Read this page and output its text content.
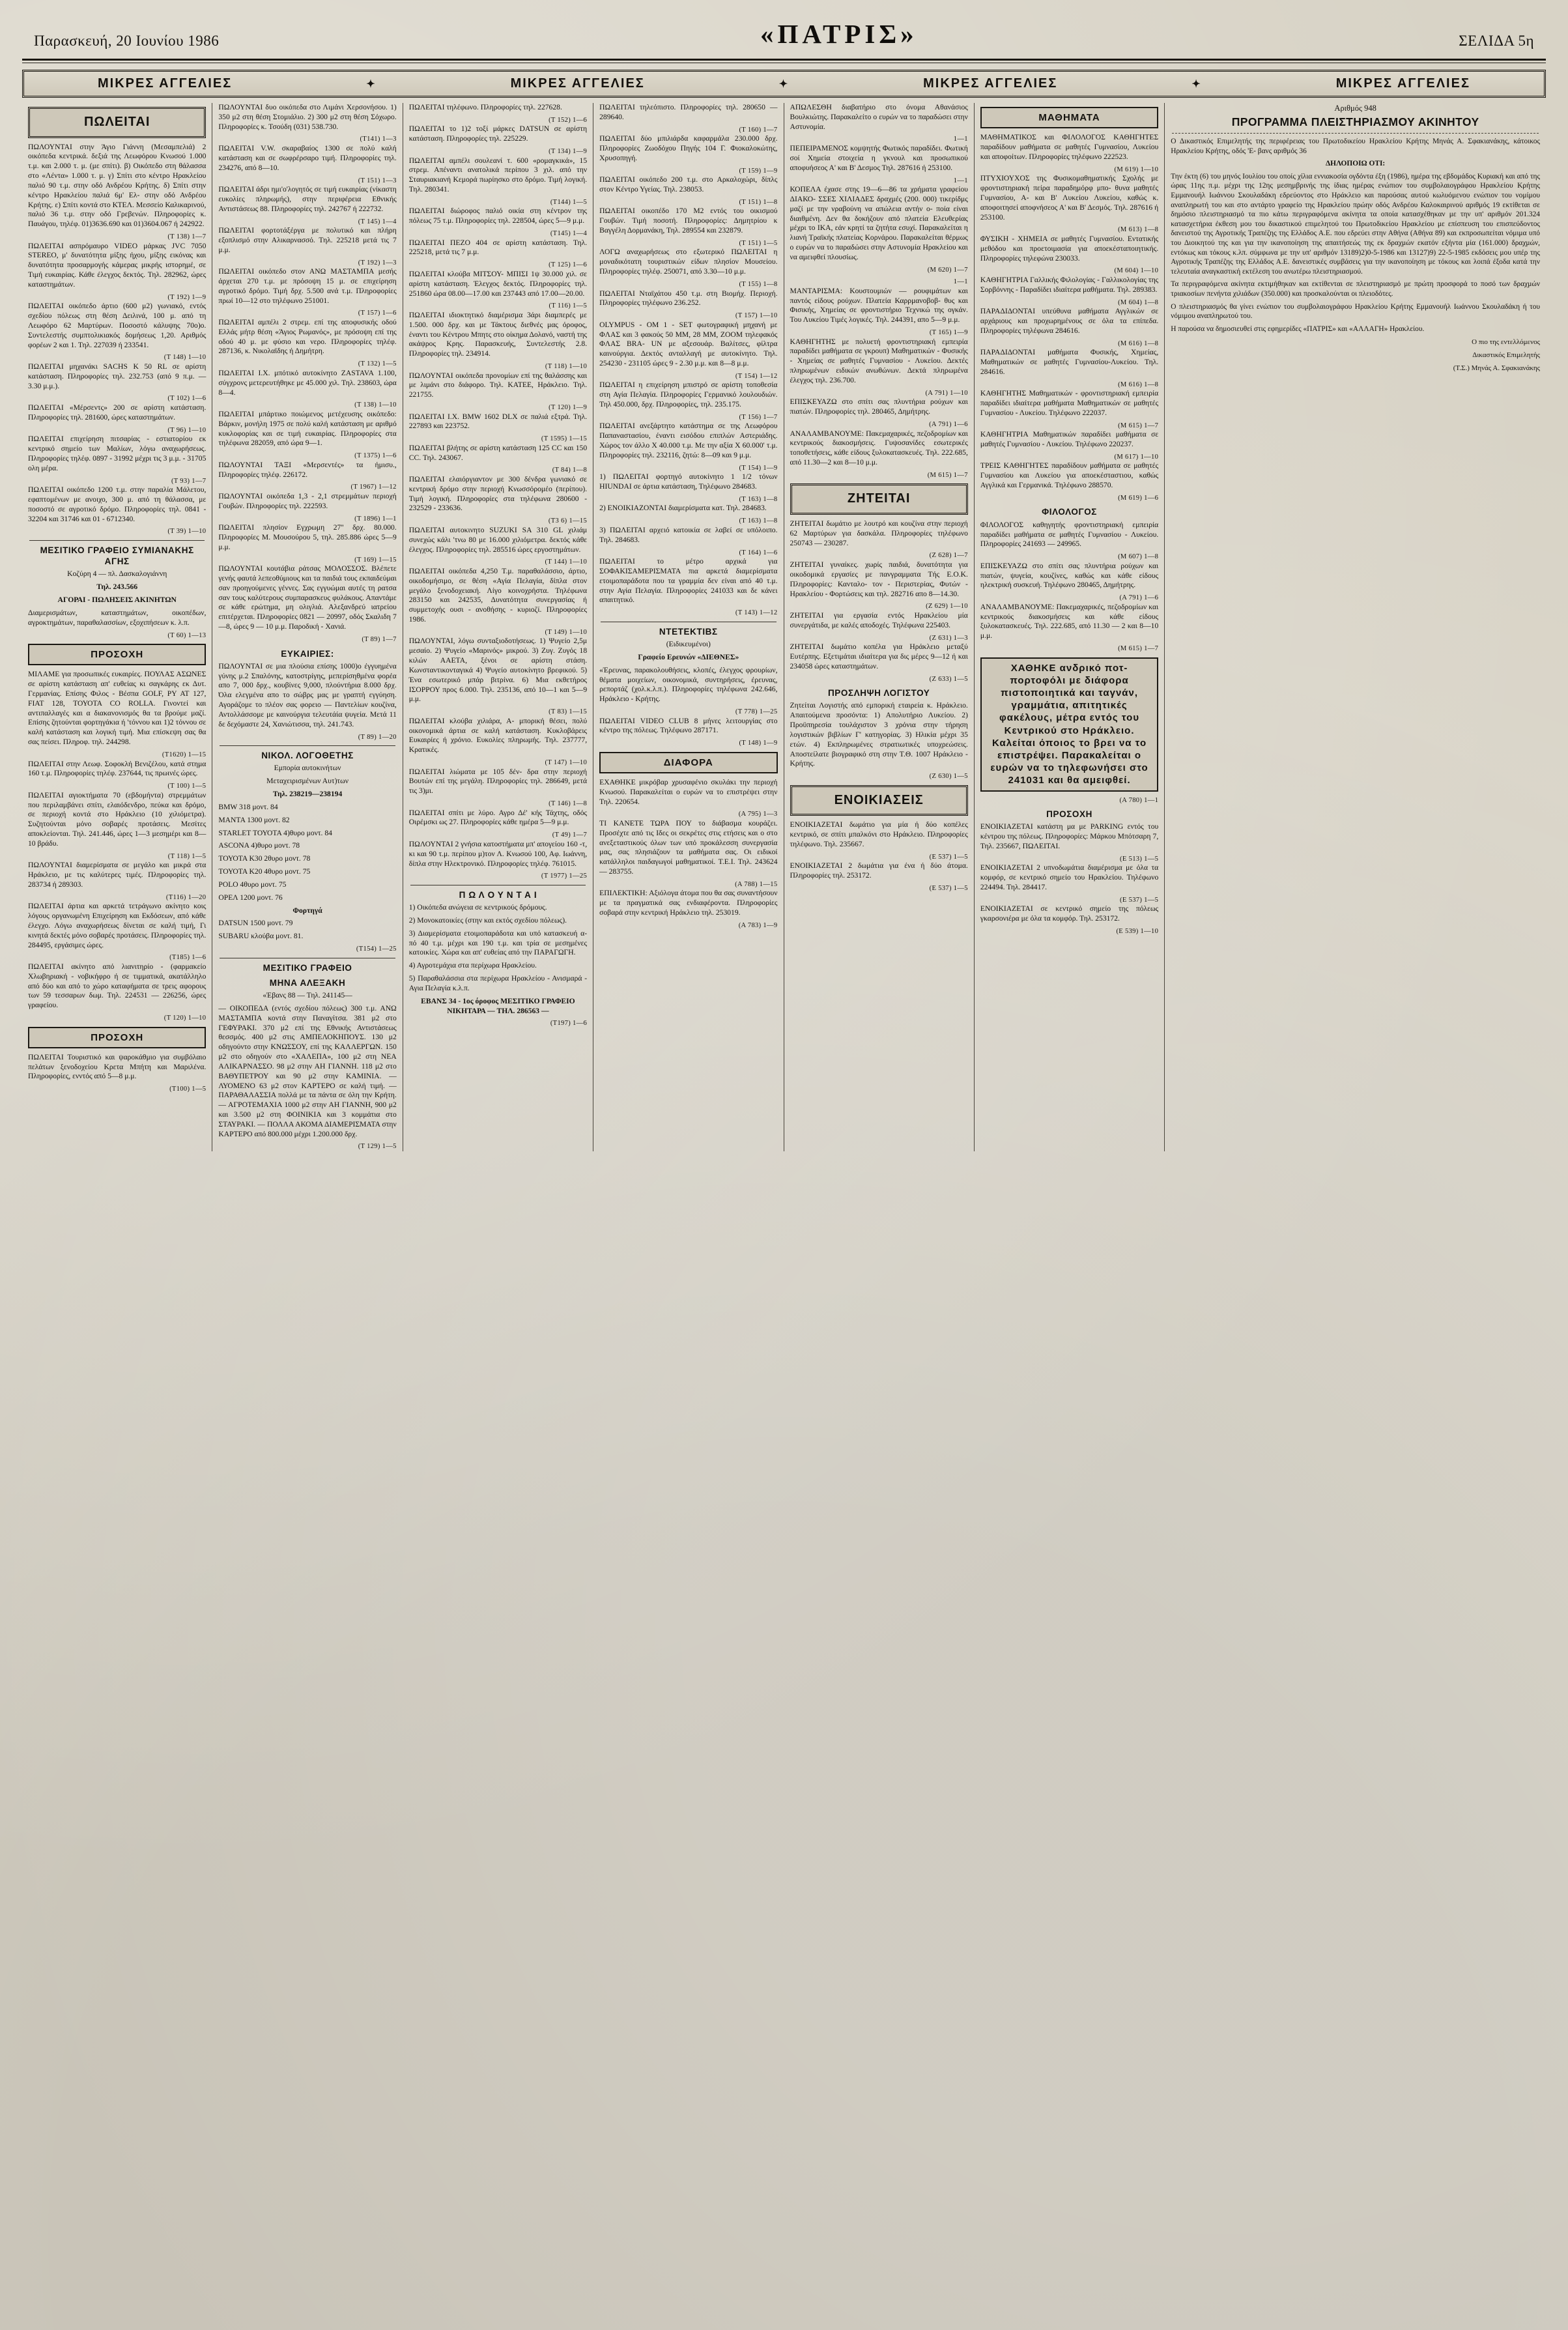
Παρασκευή, 20 Ιουνίου 1986	«ΠΑΤΡΙΣ»	ΣΕΛΙΔΑ 5η
ΜΙΚΡΕΣ ΑΓΓΕΛΙΕΣ	✦	ΜΙΚΡΕΣ ΑΓΓΕΛΙΕΣ	✦	ΜΙΚΡΕΣ ΑΓΓΕΛΙΕΣ	✦	ΜΙΚΡΕΣ ΑΓΓΕΛΙΕΣ
ΠΩΛΕΙΤΑΙ

ΠΩΛΟΥΝΤΑΙ στην Άγιο Γιάννη (Μεσαμπελιά) 2 οικόπεδα κεντρικά. δεξιά της Λεωφόρου Κνωσού 1.000 τ.μ. και 2.000 τ. μ. (με σπίτι). β) Οικόπεδο στη θάλασσα στο «Λέντα» 1.000 τ. μ. γ) Σπίτι στο κέντρο Ηρακλείου παλιό 90 τ.μ. στην οδό Ανδρέου Κρήτης. δ) Σπίτι στην κέντρο Ηρακλείου παλιά 6μ' Ελ- στην οδό Ανδρέου Κρήτης. ε) Σπίτι κοντά στο ΚΤΕΛ. Μεσσείο Καλικαρινού, παλιό 36 τ.μ. στην οδό Γρεβενών. Πληροφορίες κ. Παυάγου, τηλέφ. 01)3636.690 και 01)3604.067 ή 242922.

(Τ 138) 1—7

ΠΩΛΕΙΤΑΙ ασπρόμαυρο VIDEO μάρκας JVC 7050 STEREO, μ' δυνατότητα μίξης ήχου, μίξης εικόνας και δυνατότητα προσαρμογής κάμερας μικρής ιστορημέ, σε Τιμή ευκαιρίας. Κάθε έλεγχος δεκτός. Τηλ. 282962, ώρες καταστημάτων.

(Τ 192) 1—9

ΠΩΛΕΙΤΑΙ οικόπεδο άρτιο (600 μ2) γωνιακό, εντός σχεδίου πόλεως στη θέση Δειλινά, 100 μ. από τη Λεωφόρο 62 Μαρτύρων. Ποσοστό κάλυψης 70ο)ο. Συντελεστής συμπτολικιακός δομήσεως 1,20. Αριθμός φορέων 2 και 1. Τηλ. 227039 ή 233541.

(Τ 148) 1—10

ΠΩΛΕΙΤΑΙ μηχανάκι SACHS Κ 50 RL σε αρίστη κατάσταση. Πληροφορίες τηλ. 232.753 (από 9 π.μ. — 3.30 μ.μ.).

(Τ 102) 1—6

ΠΩΛΕΙΤΑΙ «Μέρσεντς» 200 σε αρίστη κατάσταση. Πληροφορίες τηλ. 281600, ώρες καταστημάτων.

(Τ 96) 1—10

ΠΩΛΕΙΤΑΙ επιχείρηση πιτσαρίας - εστιατορίου εκ κεντρικό σημείο των Μαλίων, λόγω αναχωρήσεως. Πληροφορίες τηλέφ. 0897 - 31992 μέχρι τις 3 μ.μ. - 31705 ολη μέρα.

(Τ 93) 1—7

ΠΩΛΕΙΤΑΙ οικόπεδο 1200 τ.μ. στην παραλία Μάλετου, εφαπτομένων με ανοιχο, 300 μ. από τη θάλασσα, με ποσοστό σε αγροτικό δρόμο. Πληροφορίες τηλ. 0841 - 32204 και 31746 και 01 - 6712340.

(Τ 39) 1—10
ΜΕΣΙΤΙΚΟ ΓΡΑΦΕΙΟ ΣΥΜΙΑΝΑΚΗΣ ΑΓΗΣ

Κοζύρη 4 — πλ. Δασκαλογιάννη

Τηλ. 243.566

ΑΓΟΡΑΙ - ΠΩΛΗΣΕΙΣ ΑΚΙΝΗΤΩΝ

Διαμερισμάτων, καταστημάτων, οικοπέδων, αγροκτημάτων, παραθαλασσίων, εξοχιπήσεων κ. λ.π.

(Τ 60) 1—13
ΠΡΟΣΟΧΗ

ΜΙΛΑΜΕ για προσωπικές ευκαιρίες. ΠΟΥΛΑΣ ΑΣΩΝΕΣ σε αρίστη κατάσταση απ' ευθείας κι σαγκάρης εκ Δυτ. Γερμανίας. Επίσης Φιλος - Βέσπα GOLF, PY AT 127, FIAT 128, ΤΟΥΟΤΑ CO ROLLA. Γινοντεί και αντιπαλλαγές και α διακανονισμός θα τα βρούμε μαζί. Επίσης ζητούνται φορτηγάκια ή 'τόννου και 1)2 τόννου σε καλή κατάσταση και λογική τιμή. Μια επίσκεψη σας θα σας πείσει. Πληροφ. τηλ. 244298.

(Τ1620) 1—15

ΠΩΛΕΙΤΑΙ στην Λεωφ. Σοφοκλή Βενιζέλου, κατά στημα 160 τ.μ. Πληροφορίες τηλέφ. 237644, τις πρωινές ώρες.

(Τ 100) 1—5

ΠΩΛΕΙΤΑΙ αγιοκτήματα 70 (εβδομήντα) στρεμμάτων που περιλαμβάνει σπίτι, ελαιόδενδρο, πεύκα και δρόμο, σε περιοχή κοντά στο Ηράκλειο (10 χιλιόμετρα). Συζητούνται μόνο σοβαρές προτάσεις. Μεσίτες αποκλείονται. Τηλ. 241.446, ώρες 1—3 μεσημέρι και 8—10 βράδυ.

(Τ 118) 1—5

ΠΩΛΟΥΝΤΑΙ διαμερίσματα σε μεγάλο και μικρά στα Ηράκλειο, με τις καλύτερες τιμές. Πληροφορίες τηλ. 283734 ή 289303.

(Τ116) 1—20

ΠΩΛΕΙΤΑΙ άρτια και αρκετά τετράγωνο ακίνητο κοις λόγους οργανωμένη Επιχείρηση και Εκδόσεων, από κάθε έλεγχο. Λόγω αναχωρήσεως δίνεται σε καλή τιμή, Γι κινητά δεκτές μόνο σοβαρές προτάσεις. Πληροφορίες τηλ. 284495, εργάσιμες ώρες.

(Τ185) 1—6

ΠΩΛΕΙΤΑΙ ακίνητο από λιανιτηρίο - (φαρμακείο Χλωβηριακή - νοβικήφρο ή σε τιμματικά, ακατάλληλο από δύο και από το χώρο καταφήματα σε τρεις αφορους των 59 τεσσαρων δωμ. Τηλ. 224531 — 226256, ώρες γραφείου.

(Τ 120) 1—10
ΠΡΟΣΟΧΗ

ΠΩΛΕΙΤΑΙ Τουριστικό και ψαροκάθμιο για συμβόλαιο πελάτων ξενοδοχείου Κρετα Μπήτη και Μαριλένα. Πληροφορίες, ενντός από 5—8 μ.μ.

(Τ100) 1—5

ΠΩΛΟΥΝΤΑΙ δυο οικόπεδα στο Λιμάνι Χερσονήσου. 1) 350 μ2 στη θέση Στομιάλιο. 2) 300 μ2 στη θέση Σόχωρο. Πληροφορίες κ. Τσούδη (031) 538.730.

(Τ141) 1—3

ΠΩΛΕΙΤΑΙ V.W. σκαραβαίος 1300 σε πολύ καλή κατάσταση και σε σωφρέρσαρο τιμή. Πληροφορίες τηλ. 234276, από 8—10.

(Τ 151) 1—3

ΠΩΛΕΙΤΑΙ άδρι ημι'ο'λογητός σε τιμή ευκαιρίας (νίκαστη ευκολίες πληρωμής), στην περιφέρεια Εθνικής Αντιστάσεως 88. Πληροφορίες τηλ. 242767 ή 222732.

(Τ 145) 1—4

ΠΩΛΕΙΤΑΙ φορτοτάξέργα με πολυτικό και πλήρη εξοπλισμό στην Αλικαρνασσό. Τηλ. 225218 μετά τις 7 μ.μ.

(Τ 192) 1—3

ΠΩΛΕΙΤΑΙ οικόπεδο στον ΑΝΩ ΜΑΣΤΑΜΠΑ μεσής άρχεται 270 τ.μ. με πρόσοψη 15 μ. σε επιχείρηση αγροτικό δρόμο. Τιμή δρχ. 5.500 ανά τ.μ. Πληροφορίες πρωί 10—12 στο τηλέφωνο 251001.

(Τ 157) 1—6

ΠΩΛΕΙΤΑΙ αμπέλι 2 στρεμ. επί της αποφυσικής οδού Ελλάς μήτρ θέση «Άγιος Ρωμανός», με πρόσοψη επί της οδού 40 μ. με φύσιο και νερο. Πληροφορίες τηλέφ. 287136, κ. Νικολαϊδης ή Δημήτρη.

(Τ 132) 1—5

ΠΩΛΕΙΤΑΙ Ι.Χ. μπότικό αυτοκίνητο ΖΑSTAVA 1.100, σύγχρονς μετερευτήθηκε με 45.000 χιλ. Τηλ. 238603, ώρα 8—4.

(Τ 138) 1—10

ΠΩΛΕΙΤΑΙ μπάρτικο ποιώμενος μετέχευσης οικόπεδο: Βάρκιν, μονήλη 1975 σε πολύ καλή κατάσταση με αριθμό κυκλοφορίας και σε τιμή ευκαιρίας. Πληροφορίες στα τηλέφωνα 282059, από ώρα 9—1.

(Τ 1375) 1—6

ΠΩΛΟΥΝΤΑΙ ΤΑΞΙ «Μερσεντές» τα ήμισυ., Πληροφορίες τηλέφ. 226172.

(Τ 1967) 1—12

ΠΩΛΟΥΝΤΑΙ οικόπεδα 1,3 - 2,1 στρεμμάτων περιοχή Γουβών. Πληροφορίες τηλ. 222593.

(Τ 1896) 1—1

ΠΩΛΕΙΤΑΙ πλησίον Εγχρωμη 27'' δρχ. 80.000. Πληροφορίες Μ. Μουσούρου 5, τηλ. 285.886 ώρες 5—9 μ.μ.

(Τ 169) 1—15

ΠΩΛΟΥΝΤΑΙ κουτάβια ράτσας ΜΟΛΟΣΣΟΣ. Βλέπετε γενής φαυτά λεπεοθύμιους και τα παιδιά τους εκπαιδεύμαι σαν προηγούμενες γέννες. Σας εγγυώμαι αυτές τη ρατσα σαν τους καλύτερους συμπαρασκευς φυλάκους. Απαντάμε σε κάθε ερώτημα, μη ολιγλιά. Αλεξανδρεύ ιατρείου επιτέρχεται. Πληροφορίες 0821 — 20997, οδός Σκαλιδη 7—8, ώρες 9 — 10 μ.μ. Παροδική - Χανιά.

(Τ 89) 1—7
ΕΥΚΑΙΡΙΕΣ:

ΠΩΛΟΥΝΤΑΙ σε μια πλούσια επίσης 1000)ο έγγυημένα γύνης μ.2 Σπαλόνης, κατοστρίγης, μεπερίσηθμένα φορέα απο 7, 000 δρχ., κουβίνες 9,000, πλούντήρια 8.000 δρχ. Όλα ελεγμένα απο το σώβρς μας με γραπτή εγγύηση. Αγοράζομε το πλέον σας φορειο — Παντελίων κουζίνα, Αντολλάσσομε με καινούργια τελευτάία ψυγεία. Μετά 11 δε δεχόμαστε 24, Χανιώτισσα, τηλ. 241.743.

(Τ 89) 1—20
ΝΙΚΟΛ. ΛΟΓΟΘΕΤΗΣ

Εμπορία αυτοκινήτων

Μεταχειρισμένων Αυτ)των

Τηλ. 238219—238194

BMW 318 μοντ. 84

ΜΑΝΤΑ 1300 μοντ. 82

STARLET ΤΟΥΟΤΑ 4)θυρο μοντ. 84

ASCONA 4)θυρο μοντ. 78

ΤΟΥΟΤΑ Κ30 2θυρο μοντ. 78

ΤΟΥΟΤΑ Κ20 4θυρο μοντ. 75

POLO 4θυρο μοντ. 75

ΟΡΕΛ 1200 μοντ. 76

Φορτηγά

DATSUN 1500 μοντ. 79

SUBARU κλούβα μοντ. 81.

(Τ154) 1—25
ΜΕΣΙΤΙΚΟ ΓΡΑΦΕΙΟ
ΜΗΝΑ ΑΛΕΞΑΚΗ

«Έβανς 88 — Τηλ. 241145—

— ΟΙΚΟΠΕΔΑ (εντός σχεδίου πόλεως) 300 τ.μ. ΑΝΩ ΜΑΣΤΑΜΠΑ κοντά στην Παναγίτσα. 381 μ2 στο ΓΕΦΥΡΑΚΙ. 370 μ2 επί της Εθνικής Αντιστάσεως θεσσμός. 400 μ2 στις ΑΜΠΕΛΟΚΗΠΟΥΣ. 130 μ2 οδηγούντο στην ΚΝΩΣΣΟΥ, επί της ΚΑΛΛΕΡΓΩΝ. 150 μ2 στο οδηγούν στο «ΧΑΛΕΠΑ», 100 μ2 στη ΝΕΑ ΑΛΙΚΑΡΝΑΣΣΟ. 98 μ2 στην ΑΗ ΓΙΑΝΝΗ. 118 μ2 στο ΒΑΘΥΠΕΤΡΟΥ και 90 μ2 στην ΚΑΜΙΝΙΑ. — ΛΥΟΜΕΝΟ 63 μ2 στον ΚΑΡΤΕΡΟ σε καλή τιμή. — ΠΑΡΑΘΑΛΑΣΣΙΑ πολλά με τα πάντα σε όλη την Κρήτη. — ΑΓΡΟΤΕΜΑΧΙΑ 1000 μ2 στην ΑΗ ΓΙΑΝΝΗ, 900 μ2 και 3.500 μ2 στη ΦΟΙΝΙΚΙΑ και 3 κομμάτια στο ΣΤΑΥΡΑΚΙ. — ΠΟΛΛΑ ΑΚΟΜΑ ΔΙΑΜΕΡΙΣΜΑΤΑ στην ΚΑΡΤΕΡΟ από 800.000 μέχρι 1.200.000 δρχ.

(Τ 129) 1—5

ΠΩΛΕΙΤΑΙ τηλέφωνο. Πληροφορίες τηλ. 227628.

(Τ 152) 1—6

ΠΩΛΕΙΤΑΙ το 1)2 τοξί μάρκες DATSUN σε αρίστη κατάσταση. Πληροφορίες τηλ. 225229.

(Τ 134) 1—9

ΠΩΛΕΙΤΑΙ αμπέλι σουλεανί τ. 600 «ρομαγκικά», 15 στρεμ. Απέναντι ανατολικά περίπου 3 χιλ. από την Σταυριακιανή Κεμορά πωρίησκο στο δρόμο. Τιμή λογική. Τηλ. 280341.

(Τ144) 1—5

ΠΩΛΕΙΤΑΙ διώροφος παλιό οικία στη κέντρον της πόλεως 75 τ.μ. Πληροφορίες τηλ. 228504, ώρες 5—9 μ.μ.

(Τ145) 1—4

ΠΩΛΕΙΤΑΙ ΠΕΖΟ 404 σε αρίστη κατάσταση. Τηλ. 225218, μετά τις 7 μ.μ.

(Τ 125) 1—6

ΠΩΛΕΙΤΑΙ κλούβα ΜΙΤΣΟΥ- ΜΠΙΣΙ 1ψ 30.000 χιλ. σε αρίστη κατάσταση. Έλεγχος δεκτός. Πληροφορίες τηλ. 251860 ώρα 08.00—17.00 και 237443 από 17.00—20.00.

(Τ 116) 1—5

ΠΩΛΕΙΤΑΙ ιδιοκτητικό διαμέρισμα 3άρι διαμπερές με 1.500. 000 δρχ. και με Τάκτους διεθνές μας όροφος, έναντι του Κέντρου Μπητς στο οίκημα Δολανό, ναστή της ακάψρος Κρης. Παρασκευής, Συντελεστής 2.8. Πληροφορίες τηλ. 234914.

(Τ 118) 1—10

ΠΩΛΟΥΝΤΑΙ οικόπεδα προνομίων επί της θαλάσσης και με λιμάνι στο διάφορο. Τηλ. ΚΑΤΕΕ, Ηράκλειο. Τηλ. 221755.

(Τ 120) 1—9

ΠΩΛΕΙΤΑΙ Ι.Χ. BMW 1602 DLX σε παλιά εξτρά. Τηλ. 227893 και 223752.

(Τ 1595) 1—15

ΠΩΛΕΙΤΑΙ βλήτης σε αρίστη κατάσταση 125 CC και 150 CC. Τηλ. 243067.

(Τ 84) 1—8

ΠΩΛΕΙΤΑΙ ελαιόργιαντον με 300 δένδρα γωνιακό σε κεντρική δρόμο στην περιοχή Κνωσσόρομέο (περίπου). Τιμή λογική. Πληροφορίες στα τηλέφωνα 280600 - 232529 - 233636.

(Τ3 6) 1—15

ΠΩΛΕΙΤΑΙ αυτοκινητο SUZUKI SA 310 GL χιλιάμ συνεχώς κάλι 'τνω 80 με 16.000 χιλιόμετρα. δεκτός κάθε έλεγχος. Πληροφορίες τηλ. 285516 ώρες εργοστημάτων.

(Τ 144) 1—10

ΠΩΛΕΙΤΑΙ οικόπεδα 4,250 Τ.μ. παραθαλάσσιο, άρτιο, οικοδομήσιμο, σε θέση «Αγία Πελαγία, δίπλα στον μεγάλο ξενοδοχειακή. Λίγο κοινοχρήστα. Τηλέφωνα 283150 και 242535, Δυνατότητα συνεργασίας ή συμμετοχής ουσι - ανοθήσης - κυριοζί. Πληροφορίες 1986.

(Τ 149) 1—10

ΠΩΛΟΥΝΤΑΙ, λόγω συνταξιοδοτήσεως. 1) Ψυγείο 2,5μ μεσαίο. 2) Ψυγείο «Μαρινός» μικρού. 3) Ζυγ. Ζυγός 18 κιλών ΑΑΕΤΑ, ξένοι σε αρίστη στάση. Κωνσταντικονταγικά 4) Ψυγείο αυτοκίνητο βρεφικού. 5) Ένα εσωτερικό μπάρ βιτρίνα. 6) Μια εκθετήρος ΙΣΟΡΡΟΥ προς 6.000. Τηλ. 235136, από 10—1 και 5—9 μ.μ.

(Τ 83) 1—15

ΠΩΛΕΙΤΑΙ κλούβα χιλιάρα, Α- μπορική θέσει, πολύ οικονομικά άρτια σε καλή κατάσταση. Κυκλοβάρεις Ευκαιρίες ή χρόνιο. Ευκολίες πληρωμής. Τηλ. 237777, Κρατικές.

(Τ 147) 1—10

ΠΩΛΕΙΤΑΙ λιώματα με 105 δέν- δρα στην περιοχή Βουτών επί της μεγάλη. Πληροφορίες τηλ. 286649, μετά τις 3)μι.

(Τ 146) 1—8

ΠΩΛΕΙΤΑΙ σπίτι με λύρο. Αγρο Δέ' κής Τάχτης, οδός Οιρέμσκι ως 27. Πληροφορίες κάθε ημέρα 5—9 μ.μ.

(Τ 49) 1—7

ΠΩΛΟΥΝΤΑΙ 2 γνήσια κατοστήματα μπ' απογείου 160 -τ, κι και 90 τ.μ. περίπου μ)τον Λ. Κνωσού 100, Αφ. Ιωάννη, δίπλα στην Ηλεκτρονικό. Πληροφορίες τηλέφ. 761015.

(Τ 1977) 1—25
Π Ω Λ Ο Υ Ν Τ Α Ι

1) Οικόπεδα ανώγεια σε κεντρικούς δρόμους.

2) Μονοκατοικίες (στην και εκτός σχεδίου πόλεως).

3) Διαμερίσματα ετοιμοπαράδοτα και υπό κατασκευή α- πό 40 τ.μ. μέχρι και 190 τ.μ. και τρία σε μεσημένες κατοικίες. Χώρα και απ' ευθείας από την ΠΑΡΑΓΩΓΗ.

4) Αγροτεμάχια στα περίχωρα Ηρακλείου.

5) Παραθαλάσσια στα περίχωρα Ηρακλείου - Ανισμαρά - Αγια Πελαγία κ.λ.π.

ΕΒΑΝΣ 34 - 1ος όροφος ΜΕΣΙΤΙΚΟ ΓΡΑΦΕΙΟ ΝΙΚΗΤΑΡΑ — ΤΗΛ. 286563 —

(Τ197) 1—6

ΠΩΛΕΙΤΑΙ τηλεόπιστο. Πληροφορίες τηλ. 280650 — 289640.

(Τ 160) 1—7

ΠΩΛΕΙΤΑΙ δύο μπιλιάρδα καφαρμάλα 230.000 δρχ. Πληροφορίες Ζωοδόχου Πηγής 104 Γ. Φιοκαλοκώτης, Χρυσοπηγή.

(Τ 159) 1—9

ΠΩΛΕΙΤΑΙ οικόπεδο 200 τ.μ. στο Αρκαλοχώρι, δίπλς στον Κέντρο Υγείας. Τηλ. 238053.

(Τ 151) 1—8

ΠΩΛΕΙΤΑΙ οικοπέδο 170 Μ2 εντός του οικισμού Γουβών. Τιμή ποσοτή. Πληροφορίες: Δημητρίου κ Βαγγέλη Δορμανάκη, Τηλ. 289554 και 232879.

(Τ 151) 1—5

ΛΟΓΩ αναχωρήσεως στο εξωτερικό ΠΩΛΕΙΤΑΙ η μοναδικότατη τουριστικών είδων πλησίον Μουσείου. Πληροφορίες τηλέφ. 250071, από 3.30—10 μ.μ.

(Τ 155) 1—8

ΠΩΛΕΙΤΑΙ Νταϊχάτου 450 τ.μ. στη Βιομήχ. Περιοχή. Πληροφορίες τηλέφωνο 236.252.

(Τ 157) 1—10

OLYMPUS - OM 1 - SET φωτογραφική μηχανή με ΦΛΑΣ και 3 φακούς 50 ΜΜ, 28 ΜΜ, ZOOM τηλεφακός ΦΛΑΣ BRA- UN με αξεσουάρ. Βαλίτσες, φίλτρα καινούργια. Δεκτός ανταλλαγή με αυτοκίνητο. Τηλ. 254230 - 231105 ώρες 9 - 2.30 μ.μ. και 8—8 μ.μ.

(Τ 154) 1—12

ΠΩΛΕΙΤΑΙ η επιχείρηση μπιστρό σε αρίστη τοποθεσία στη Αγία Πελαγία. Πληροφορίες Γερμανικό λουλουδιών. Τηλ 450.000, δρχ. Πληροφορίες, τηλ. 235.175.

(Τ 156) 1—7

ΠΩΛΕΙΤΑΙ ανεξάρτητο κατάστημα σε της Λεωφόρου Παπαναστασίου, έναντι εισόδου επιπλών Αστεριάδης. Χώρος τον άλλο Χ 40.000 τ.μ. Με την αξία Χ 60.000' τ.μ. Πληροφορίες τηλ. 232116, ζητώ: 8—09 και 9 μ.μ.

(Τ 154) 1—9

1) ΠΩΛΕΙΤΑΙ φορτηγό αυτοκίνητο 1 1/2 τόνων HIUNDAI σε άρτια κατάσταση, Τηλέφωνο 284683.

(Τ 163) 1—8

2) ΕΝΟΙΚΙΑΖΟΝΤΑΙ διαμερίσματα κατ. Τηλ. 284683.

(Τ 163) 1—8

3) ΠΩΛΕΙΤΑΙ αρχειό κατοικία σε λαβεί σε υπόλοιπο. Τηλ. 284683.

(Τ 164) 1—6

ΠΩΛΕΙΤΑΙ το μέτρο αρχικά για ΣΟΦΑΚΙΣΑΜΕΡΙΣΜΑΤΑ πια αρκετά διαμερίσματα ετοιμοπαράδοτα που τα γραμμία δεν είναι από 40 τ.μ. στην Αγία Πελαγία. Πληροφορίες 241033 και δε κάνει απαιτητικό.

(Τ 143) 1—12
ΝΤΕΤΕΚΤΙΒΣ

(Ειδικευμένοι)

Γραφείο Ερευνών «ΔΙΕΘΝΕΣ»

«Έρευνας, παρακολουθήσεις, κλοπές, έλεγχος φρουρίων, θέματα μοιχείων, οικονομικά, συντηρήσεις, έρευνας, ρεπορτάζ (χολ.κ.λ.π.). Πληροφορίες τηλέφωνα 242.646, Ηράκλειο - Κρήτης.

(Τ 778) 1—25

ΠΩΛΕΙΤΑΙ VIDEO CLUB 8 μήνες λειτουργίας στο κέντρο της πόλεως. Τηλέφωνο 287171.

(Τ 148) 1—9
ΔΙΑΦΟΡΑ

ΕΧΑΘΗΚΕ μικρόβαρ χρυσαφένιο σκυλάκι την περιοχή Κνωσού. Παρακαλείται ο ευρών να το επιστρέψει στην Τηλ. 220654.

(Α 795) 1—3

ΤΙ ΚΑΝΕΤΕ ΤΩΡΑ ΠΟΥ το διάβασμα κουράζει. Προσέχτε από τις Ιδες οι σεκρέτες στις ετήσεις και ο στο ανεξεταστικούς όλων των υπό προκάλεσση συνεργασία μας, σας πλησιάζουν τα μαθήματα σας. Οι ειδικοί κατάλληλοι παιδαγωγοί μαθηματικοί. Τ.Ε.Ι. Τηλ. 243624 — 283755.

(Α 788) 1—15

ΕΠΙΛΕΚΤΙΚΗ: Αξιόλογα άτομα που θα σας συναντήσουν με τα πραγματικά σας ενδιαφέροντα. Πληροφορίες σοβαρά στην κεντρική Ηράκλειο τηλ. 253019.

(Α 783) 1—9

ΑΠΩΛΕΣΘΗ διαβατήριο στο όνομα Αθανάσιος Βουλκιώτης. Παρακαλείτο ο ευρών να το παραδώσει στην Αστυνομία.

1—1

ΠΕΠΕΙΡΑΜΕΝΟΣ κομψητής Φωτικός παραδίδει. Φωτική σοί Χημεία στοιχεία η γκνουλ και προσωπικού αποφυήσεος Α' και Β' Δεσμος Τηλ. 287616 ή 253100.

1—1

ΚΟΠΕΛΑ έχασε στης 19—6—86 τα χρήματα γραφείου ΔΙΑΚΟ- ΣΣΕΣ ΧΙΛΙΑΔΕΣ δραχμές (200. 000) τικερίδμς μαζί με την νραβούνη να απώλεια αντήν ο- ποία είναι διαιθμένη. Δεν θα δοκήζουν από πλατεία Ελευθερίας μέχρι το ΙΚΑ, εάν κρητί τα ζητήτα εσυχί. Παρακαλείται η λιανή Τραϊκής πλατείας Κορνάρου. Παρακαλείται θέρμως ο ευρών να το παραδώσει στην Αστυνομία Ηρακλείου και να αμειφθεί πλουσίως.

(Μ 620) 1—7

1—1

ΜΑΝΤΑΡΙΣΜΑ: Κουστουμιών — ρουφιμάτων και παντός είδους ρούχων. Πλατεία Καρρμανοβοβ- θυς και Φισικής, Χημείας σε φροντιστήριο Τεχνικώ της ογκάν. Του Λυκείου Τιμές λογικές. Τηλ. 244391, απο 5—9 μ.μ.

(Τ 165) 1—9

ΚΑΘΗΓΗΤΗΣ με πολυετή φροντιστηριακή εμπειρία παραδίδει μαθήματα σε γκρουπ) Μαθηματικών - Φυσικής - Χημείας σε μαθητές Γυμνασίου - Λυκείου. Δεκτές πληρωμένων ειδικών ανωθώνων. Δεκτά πληρωμένα έλεγχος τηλ. 236.700.

(Α 791) 1—10

ΕΠΙΣΚΕΥΑΖΩ στο σπίτι σας πλυντήρια ρούχων και πιατών. Πληροφορίες τηλ. 280465, Δημήτρης.

(Α 791) 1—6

ΑΝΑΛΑΜΒΑΝΟΥΜΕ: Πακεμαχαρικές, πεζοδρομίων και κεντρικούς διακοσμήσεις. Γυψοσανίδες εσωτερικές τοποθετήσεις, κάθε είδους ξυλοκατασκευές. Τηλ. 222.685, από 11.30—2 και 8—10 μ.μ.

(Μ 615) 1—7
ΖΗΤΕΙΤΑΙ

ΖΗΤΕΙΤΑΙ δωμάτιο με λουτρό και κουζίνα στην περιοχή 62 Μαρτύρων για δασκάλα. Πληροφορίες τηλέφωνο 250743 — 230287.

(Ζ 628) 1—7

ΖΗΤΕΙΤΑΙ γυναίκες. χωρίς παιδιά, δυνατότητα για οικοδομικά εργασίες με πανγραμματα Τής Ε.Ο.Κ. Πληροφορίες: Κανταλο- τον - Περιστερίας, Φυτών - Ηρακλείου - Φορτώσεις και τηλ. 282716 απο 8—14.30.

(Ζ 629) 1—10

ΖΗΤΕΙΤΑΙ για εργασία εντός Ηρακλείου μία συνεργάτιδα, με καλές αποδοχές. Τηλέφωνα 225403.

(Ζ 631) 1—3

ΖΗΤΕΙΤΑΙ δωμάτιο κοπέλα για Ηράκλειο μεταξύ Ευτέρπης. Εξετιμάται ιδιαίτερα για δις μέρες 9—12 ή και 234058 ώρες καταστημάτων.

(Ζ 633) 1—5
ΠΡΟΣΛΗΨΗ ΛΟΓΙΣΤΟΥ

Ζητείται Λογιστής από εμπορική εταιρεία κ. Ηράκλειο. Απαιτούμενα προσόντα: 1) Απολυτήριο Λυκείου. 2) Προϋπηρεσία τουλάχιστον 3 χρόνια στην τήρηση λογιστικών βιβλίων Γ' κατηγορίας. 3) Ηλικία μέχρι 35 ετών. 4) Εκπληρωμένες στρατιωτικές υποχρεώσεις. Αποστείλατε βιογραφικό στη στην Τ.Θ. 1007 Ηράκλειο - Κρήτης.

(Ζ 630) 1—5
ΕΝΟΙΚΙΑΣΕΙΣ

ΕΝΟΙΚΙΑΖΕΤΑΙ δωμάτιο για μία ή δύο κοπέλες κεντρικό, σε σπίτι μπαλκόνι στο Ηράκλειο. Πληροφορίες τηλέφωνο. Τηλ. 235667.

(Ε 537) 1—5

ΕΝΟΙΚΙΑΖΕΤΑΙ 2 δωμάτια για ένα ή δύο άτομα. Πληροφορίες τηλ. 253172.

(Ε 537) 1—5
ΜΑΘΗΜΑΤΑ

ΜΑΘΗΜΑΤΙΚΟΣ και ΦΙΛΟΛΟΓΟΣ ΚΑΘΗΓΗΤΕΣ παραδίδουν μαθήματα σε μαθητές Γυμνασίου, Λυκείου και αποφοίτων. Πληροφορίες τηλέφωνο 222523.

(Μ 619) 1—10

ΠΤΥΧΙΟΥΧΟΣ της Φυσικομαθηματικής Σχολής με φροντιστηριακή πείρα παραδημόρφ μπο- θυνα μαθητές Γυμνασίου, Α- και Β' Λυκείου Λυκείου, καθώς κ. αποφοιτησεί αποφνήσεος Α' και Β' Δεσμός. Τηλ. 287616 ή 253100.

(Μ 613) 1—8

ΦΥΣΙΚΗ - ΧΗΜΕΙΑ σε μαθητές Γυμνασίου. Εντατικής μεθόδου και προετοιμασία για αποεκέσταποιητικής. Πληροφορίες τηλεφώνα 230033.

(Μ 604) 1—10

ΚΑΘΗΓΗΤΡΙΑ Γαλλικής Φιλολογίας - Γαλλικολογίας της Σορβόννης - Παραδίδει ιδιαίτερα μαθήματα. Τηλ. 289383.

(Μ 604) 1—8

ΠΑΡΑΔΙΔΟΝΤΑΙ υπεύθυνα μαθήματα Αγγλικών σε αρχάριους και προχωρημένους σε όλα τα επίπεδα. Πληροφορίες τηλέφωνα 284616.

(Μ 616) 1—8

ΠΑΡΑΔΙΔΟΝΤΑΙ μαθήματα Φυσικής, Χημείας, Μαθηματικών σε μαθητές Γυμνασίου-Λυκείου. Τηλ. 284616.

(Μ 616) 1—8

ΚΑΘΗΓΗΤΗΣ Μαθηματικών - φροντιστηριακή εμπειρία παραδίδει ιδιαίτερα μαθήματα Μαθηματικών σε μαθητές Γυμνασίου - Λυκείου. Τηλέφωνο 222037.

(Μ 615) 1—7

ΚΑΘΗΓΗΤΡΙΑ Μαθηματικών παραδίδει μαθήματα σε μαθητές Γυμνασίου - Λυκείου. Τηλέφωνο 220237.

(Μ 617) 1—10

ΤΡΕΙΣ ΚΑΘΗΓΗΤΕΣ παραδίδουν μαθήματα σε μαθητές Γυμνασίου και Λυκείου για αποεκέσταστιου, καθώς Αγγλικά και Γερμανικά. Τηλέφωνο 288570.

(Μ 619) 1—6
ΦΙΛΟΛΟΓΟΣ

ΦΙΛΟΛΟΓΟΣ καθηγητής φροντιστηριακή εμπειρία παραδίδει μαθήματα σε μαθητές Γυμνασίου - Λυκείου. Πληροφορίες 241693 — 249965.

(Μ 607) 1—8

ΕΠΙΣΚΕΥΑΖΩ στο σπίτι σας πλυντήρια ρούχων και πιατών, ψυγεία, κουζίνες, καθώς και κάθε είδους ηλεκτρική συσκευή. Τηλέφωνο 280465, Δημήτρης.

(Α 791) 1—6

ΑΝΑΛΑΜΒΑΝΟΥΜΕ: Πακεμαχαρικές, πεζοδρομίων και κεντρικούς διακοσμήσεις και κάθε είδους ξυλοκατασκευές. Τηλ. 222.685, από 11.30 — 2 και 8—10 μ.μ.

(Μ 615) 1—7
ΧΑΘΗΚΕ ανδρικό ποτ- πορτοφόλι με διάφορα πιστοποιητικά και ταγνάν, γραμμάτια, απιτητικές φακέλους, μέτρα εντός του Κεντρικού στο Ηράκλειο. Καλείται όποιος το βρει να το επιστρέψει. Παρακαλείται ο ευρών να το τηλεφωνήσει στο 241031 και θα αμειφθεί.
(Α 780) 1—1
ΠΡΟΣΟΧΗ

ΕΝΟΙΚΙΑΖΕΤΑΙ κατάστη μα με PARKING εντός του κέντρου της πόλεως. Πληροφορίες: Μάρκου Μπότσαρη 7, Τηλ. 235667, ΠΩΛΕΙΤΑΙ.

(Ε 513) 1—5

ΕΝΟΙΚΙΑΖΕΤΑΙ 2 υπνοδωμάτια διαμέρισμα με όλα τα κομφόρ, σε κεντρικό σημείο του Ηρακλείου. Τηλέφωνο 224494. Τηλ. 284417.

(Ε 537) 1—5

ΕΝΟΙΚΙΑΖΕΤΑΙ σε κεντρικό σημείο της πόλεως γκαρσονιέρα με όλα τα κομφόρ. Τηλ. 253172.

(Ε 539) 1—10
Αριθμός 948
ΠΡΟΓΡΑΜΜΑ ΠΛΕΙΣΤΗΡΙΑΣΜΟΥ ΑΚΙΝΗΤΟΥ

Ο Δικαστικός Επιμελητής της περιφέρειας του Πρωτοδικείου Ηρακλείου Κρήτης Μηνάς Α. Σφακιανάκης, κάτοικος Ηρακλείου Κρήτης, οδός 'Ε- βανς αριθμός 36

ΔΗΛΟΠΟΙΩ ΟΤΙ:

Την έκτη (6) του μηνός Ιουλίου του οποίς χίλια εννιακοσία ογδόντα έξη (1986), ημέρα της εβδομάδος Κυριακή και από της ώρας 11ης π.μ. μέχρι της 12ης μεσημβρινής της ίδιας ημέρας ενώπιον του συμβολαιογράφου Ηρακλείου Κρήτης Εμμανουήλ Ιωάννου Σκουλαδάκη εδρεύοντος στο Ηράκλειο και παρούσας αυτού κωλυόμενου ενώπιον του νομίμου αναπληρωτή του και στο αντάρτο γραφείο της Ηρακλείου πρώην οδός Ανδρέου Καλοκαιρινού αριθμός 19 εκτίθεται σε δημόσιο πλειστηριασμό τα πιο κάτω περιγραφόμενα ακίνητα τα οποία κατασχέθηκαν με την υπ' αριθμόν 201.324 κατασχετήρια έκθεση μου του δικαστικού επιμελητού του Πρωτοδικείου Ηρακλείου με επίσπευση του επισπεύδοντος δανειστού της Αγροτικής Τραπέζης της Ελλάδος Α.Ε. που εδρεύει στην Αθήνα (Αθήνα 89) και εκπροσωπείται νόμιμα υπό του Διοικητού της και για την ικανοποίηση της απαιτήσεώς της εκ δραχμών εκατόν εξήντα μία (161.000) δραχμών, εντόκως και τόκους κ.λπ. σύμφωνα με την υπ' αριθμόν 13189)2)0-5-1986 και 13127)9) 22-5-1985 εκδόσεις μου υπέρ της Αγροτικής Τραπέζης της Ελλάδος Α.Ε. δανειστικές συμβάσεις για την ικανοποίηση με τόκους και λοιπά έξοδα κατά την τελευταία αναγκαστική εκτέλεση του ανωτέρω πλειστηριασμού.

Τα περιγραφόμενα ακίνητα εκτιμήθηκαν και εκτίθενται σε πλειστηριασμό με πρώτη προσφορά το ποσό των δραχμών τριακοσίων πενήντα χιλιάδων (350.000) και προσκαλούνται οι πλειοδότες.

Ο πλειστηριασμός θα γίνει ενώπιον του συμβολαιογράφου Ηρακλείου Κρήτης Εμμανουήλ Ιωάννου Σκουλαδάκη ή του νόμιμου αναπληρωτού του.

Η παρούσα να δημοσιευθεί στις εφημερίδες «ΠΑΤΡΙΣ» και «ΑΛΛΑΓΗ» Ηρακλείου.

Ο πιο της εντελλόμενος
Δικαστικός Επιμελητής
(Τ.Σ.) Μηνάς Α. Σφακιανάκης
